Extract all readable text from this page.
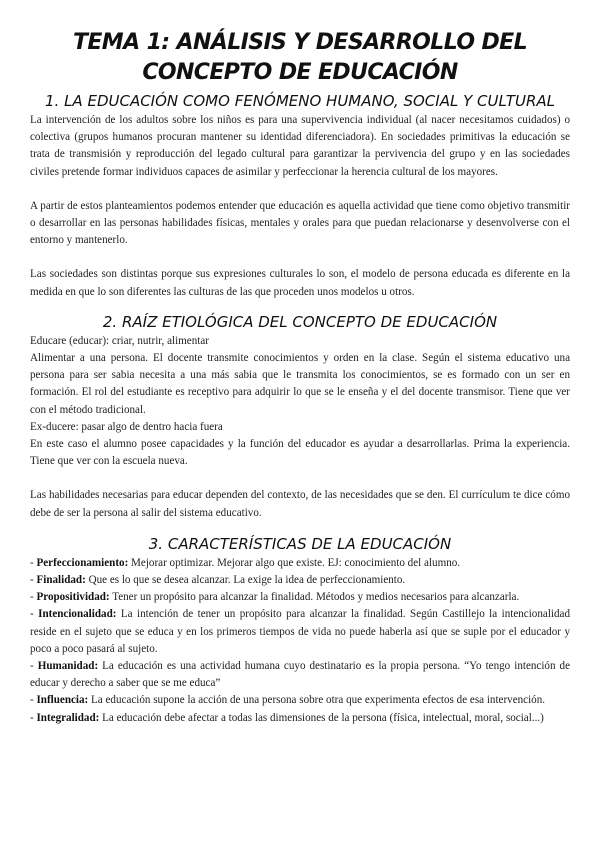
TEMA 1: ANÁLISIS Y DESARROLLO DEL CONCEPTO DE EDUCACIÓN
1. LA EDUCACIÓN COMO FENÓMENO HUMANO, SOCIAL Y CULTURAL

La intervención de los adultos sobre los niños es para una supervivencia individual (al nacer necesitamos cuidados) o colectiva (grupos humanos procuran mantener su identidad diferenciadora). En sociedades primitivas la educación se trata de transmisión y reproducción del legado cultural para garantizar la pervivencia del grupo y en las sociedades civiles pretende formar individuos capaces de asimilar y perfeccionar la herencia cultural de los mayores.

A partir de estos planteamientos podemos entender que educación es aquella actividad que tiene como objetivo transmitir o desarrollar en las personas habilidades físicas, mentales y orales para que puedan relacionarse y desenvolverse con el entorno y mantenerlo.

Las sociedades son distintas porque sus expresiones culturales lo son, el modelo de persona educada es diferente en la medida en que lo son diferentes las culturas de las que proceden unos modelos u otros.

2. RAÍZ ETIOLÓGICA DEL CONCEPTO DE EDUCACIÓN

Educare (educar): criar, nutrir, alimentar

Alimentar a una persona. El docente transmite conocimientos y orden en la clase. Según el sistema educativo una persona para ser sabia necesita a una más sabia que le transmita los conocimientos, se es formado con un ser en formación. El rol del estudiante es receptivo para adquirir lo que se le enseña y el del docente transmisor. Tiene que ver con el método tradicional.

Ex-ducere: pasar algo de dentro hacia fuera

En este caso el alumno posee capacidades y la función del educador es ayudar a desarrollarlas. Prima la experiencia. Tiene que ver con la escuela nueva.

Las habilidades necesarias para educar dependen del contexto, de las necesidades que se den. El currículum te dice cómo debe de ser la persona al salir del sistema educativo.

3. CARACTERÍSTICAS DE LA EDUCACIÓN

- Perfeccionamiento: Mejorar optimizar. Mejorar algo que existe. EJ: conocimiento del alumno.

- Finalidad: Que es lo que se desea alcanzar. La exige la idea de perfeccionamiento.

- Propositividad: Tener un propósito para alcanzar la finalidad. Métodos y medios necesarios para alcanzarla.

- Intencionalidad: La intención de tener un propósito para alcanzar la finalidad. Según Castillejo la intencionalidad reside en el sujeto que se educa y en los primeros tiempos de vida no puede haberla así que se suple por el educador y poco a poco pasará al sujeto.

- Humanidad: La educación es una actividad humana cuyo destinatario es la propia persona. “Yo tengo intención de educar y derecho a saber que se me educa”

- Influencia: La educación supone la acción de una persona sobre otra que experimenta efectos de esa intervención.

- Integralidad: La educación debe afectar a todas las dimensiones de la persona (física, intelectual, moral, social...)
